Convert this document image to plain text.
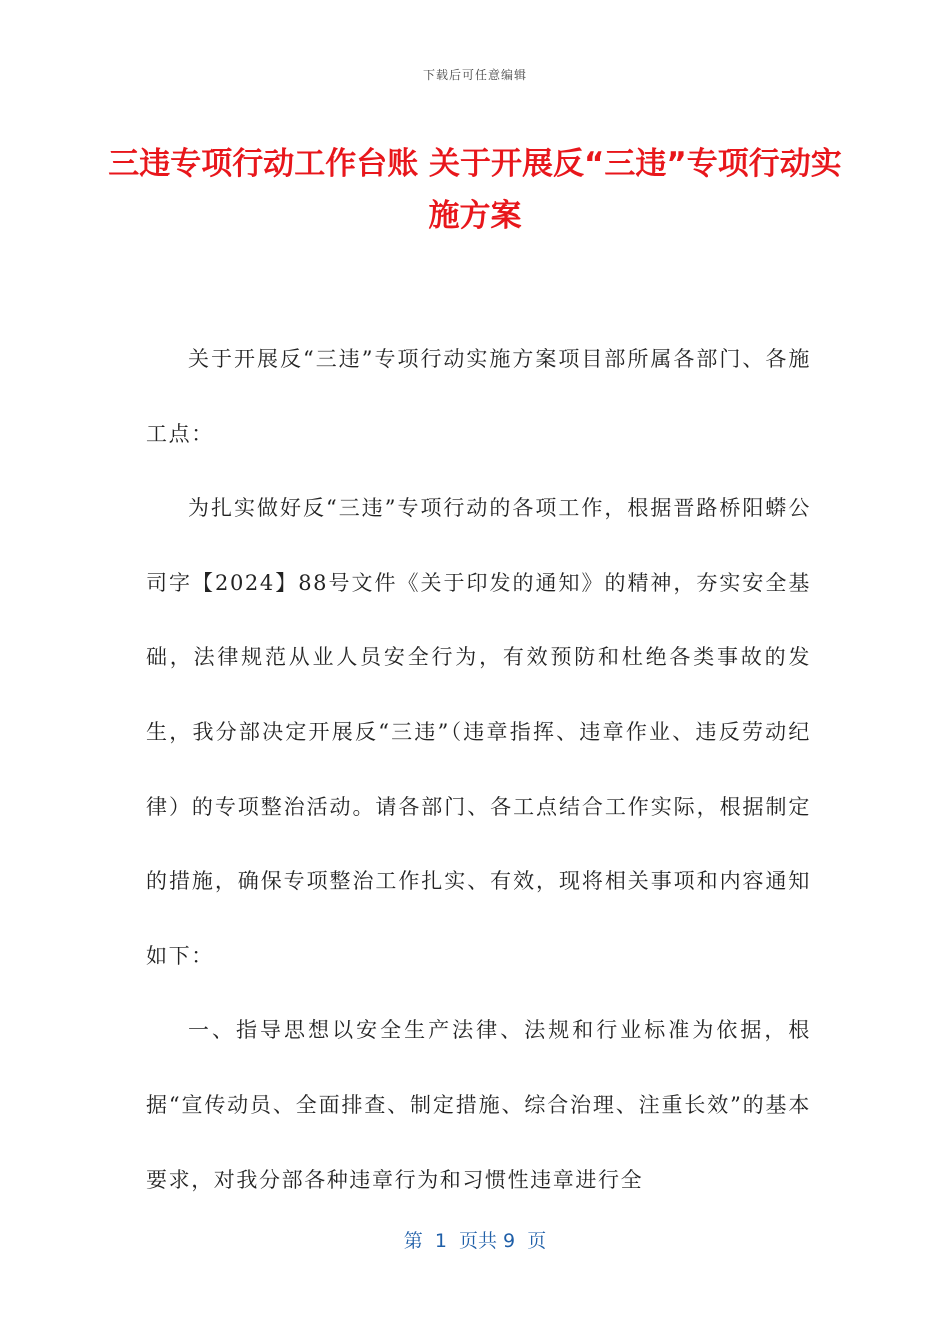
下载后可任意编辑
三违专项行动工作台账 关于开展反“三违”专项行动实施方案

关于开展反“三违”专项行动实施方案项目部所属各部门、各施工点：

为扎实做好反“三违”专项行动的各项工作，根据晋路桥阳蟒公司字【2024】88号文件《关于印发的通知》的精神，夯实安全基础，法律规范从业人员安全行为，有效预防和杜绝各类事故的发生，我分部决定开展反“三违”（违章指挥、违章作业、违反劳动纪律）的专项整治活动。请各部门、各工点结合工作实际，根据制定的措施，确保专项整治工作扎实、有效，现将相关事项和内容通知如下：

一、指导思想以安全生产法律、法规和行业标准为依据，根据“宣传动员、全面排查、制定措施、综合治理、注重长效”的基本要求，对我分部各种违章行为和习惯性违章进行全

第  1  页共 9  页
